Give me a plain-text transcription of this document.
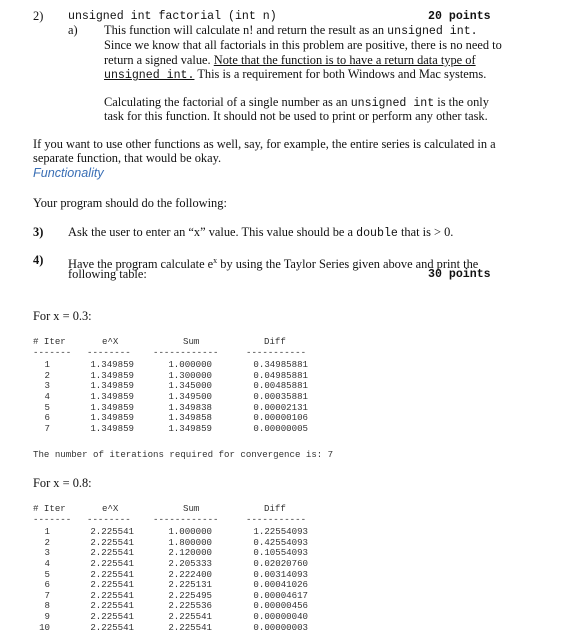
2) unsigned int factorial (int n)	20 points
a) This function will calculate n! and return the result as an unsigned int.
Since we know that all factorials in this problem are positive, there is no need to
return a signed value. Note that the function is to have a return data type of
unsigned int. This is a requirement for both Windows and Mac systems.
Calculating the factorial of a single number as an unsigned int is the only
task for this function. It should not be used to print or perform any other task.
If you want to use other functions as well, say, for example, the entire series is calculated in a
separate function, that would be okay.
Functionality
Your program should do the following:
3) Ask the user to enter an “x” value. This value should be a double that is > 0.
4) Have the program calculate $e^x$ by using the Taylor Series given above and print the
following table:	30 points
For x = 0.3:
# Iter	e^X	Sum	Diff
------- -------- ------------	-----------
1	1.349859	1.000000	0.34985881
2	1.349859	1.300000	0.04985881
3	1.349859	1.345000	0.00485881
4	1.349859	1.349500	0.00035881
5	1.349859	1.349838	0.00002131
6	1.349859	1.349858	0.00000106
7	1.349859	1.349859	0.00000005
The number of iterations required for convergence is: 7
For x = 0.8:
# Iter	e^X	Sum	Diff
------- -------- ------------	-----------
1	2.225541	1.000000	1.22554093
2	2.225541	1.800000	0.42554093
3	2.225541	2.120000	0.10554093
4	2.225541	2.205333	0.02020760
5	2.225541	2.222400	0.00314093
6	2.225541	2.225131	0.00041026
7	2.225541	2.225495	0.00004617
8	2.225541	2.225536	0.00000456
9	2.225541	2.225541	0.00000040
10	2.225541	2.225541	0.00000003
